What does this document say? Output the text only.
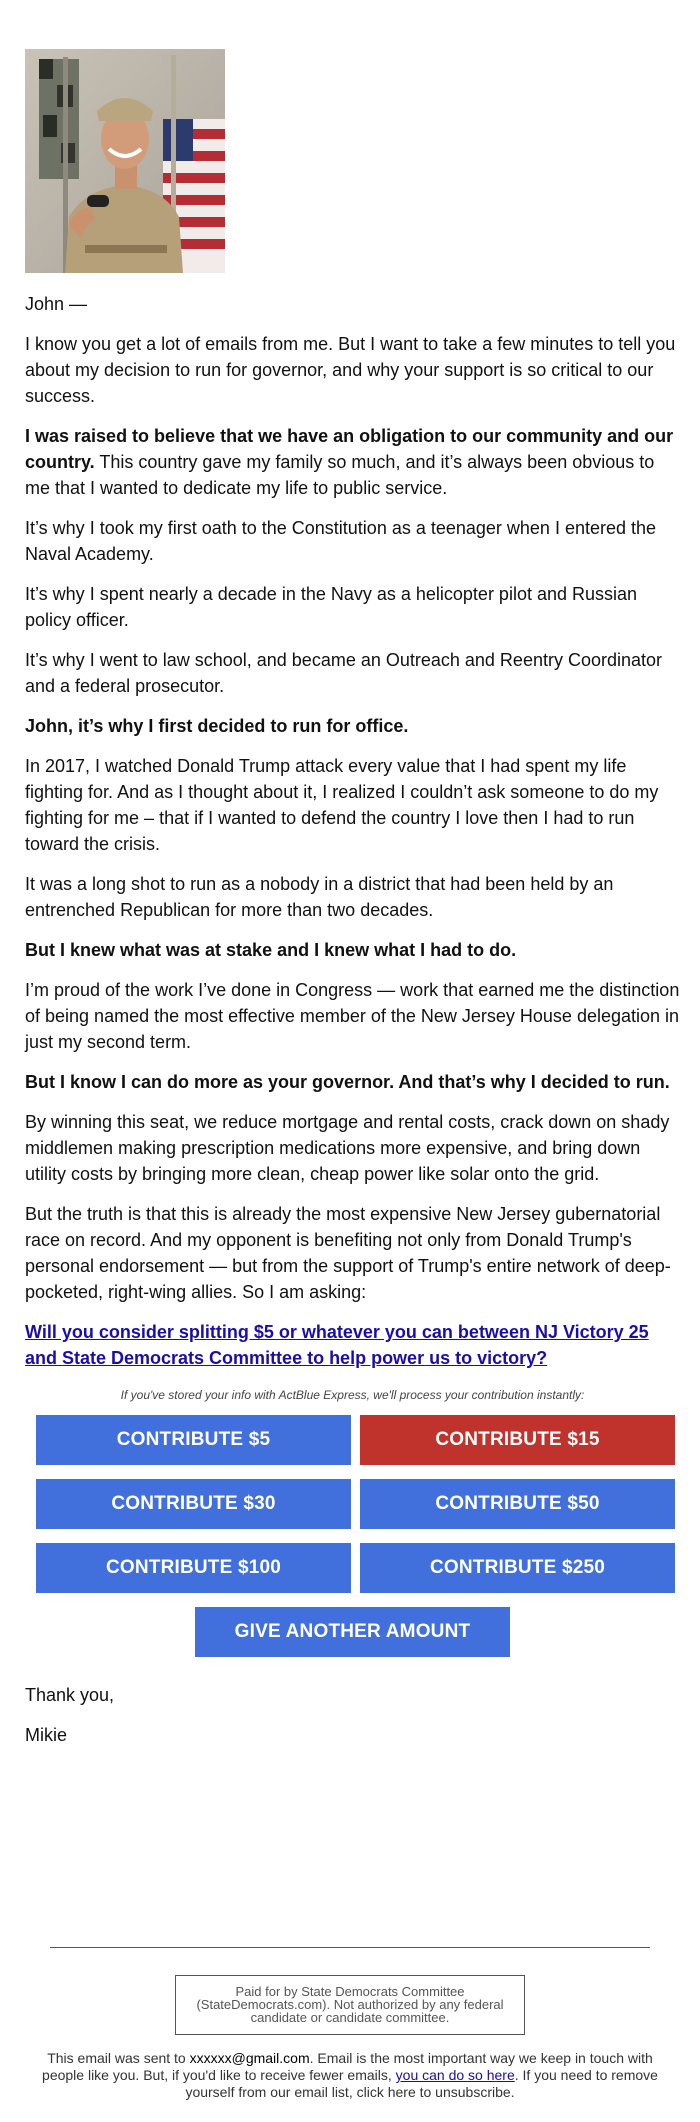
John —

I know you get a lot of emails from me. But I want to take a few minutes to tell you about my decision to run for governor, and why your support is so critical to our success.

I was raised to believe that we have an obligation to our community and our country. This country gave my family so much, and it’s always been obvious to me that I wanted to dedicate my life to public service.

It’s why I took my first oath to the Constitution as a teenager when I entered the Naval Academy.

It’s why I spent nearly a decade in the Navy as a helicopter pilot and Russian policy officer.

It’s why I went to law school, and became an Outreach and Reentry Coordinator and a federal prosecutor.

John, it’s why I first decided to run for office.

In 2017, I watched Donald Trump attack every value that I had spent my life fighting for. And as I thought about it, I realized I couldn’t ask someone to do my fighting for me – that if I wanted to defend the country I love then I had to run toward the crisis.

It was a long shot to run as a nobody in a district that had been held by an entrenched Republican for more than two decades.

But I knew what was at stake and I knew what I had to do.

I’m proud of the work I’ve done in Congress — work that earned me the distinction of being named the most effective member of the New Jersey House delegation in just my second term.

But I know I can do more as your governor. And that’s why I decided to run.

By winning this seat, we reduce mortgage and rental costs, crack down on shady middlemen making prescription medications more expensive, and bring down utility costs by bringing more clean, cheap power like solar onto the grid.

But the truth is that this is already the most expensive New Jersey gubernatorial race on record. And my opponent is benefiting not only from Donald Trump's personal endorsement — but from the support of Trump's entire network of deep-pocketed, right-wing allies. So I am asking:

Will you consider splitting $5 or whatever you can between NJ Victory 25 and State Democrats Committee to help power us to victory?

If you've stored your info with ActBlue Express, we'll process your contribution instantly:

CONTRIBUTE $5	CONTRIBUTE $15
CONTRIBUTE $30	CONTRIBUTE $50
CONTRIBUTE $100	CONTRIBUTE $250
GIVE ANOTHER AMOUNT

Thank you,

Mikie

Paid for by State Democrats Committee (StateDemocrats.com). Not authorized by any federal candidate or candidate committee.
This email was sent to xxxxxx@gmail.com. Email is the most important way we keep in touch with people like you. But, if you'd like to receive fewer emails, you can do so here. If you need to remove yourself from our email list, click here to unsubscribe.
